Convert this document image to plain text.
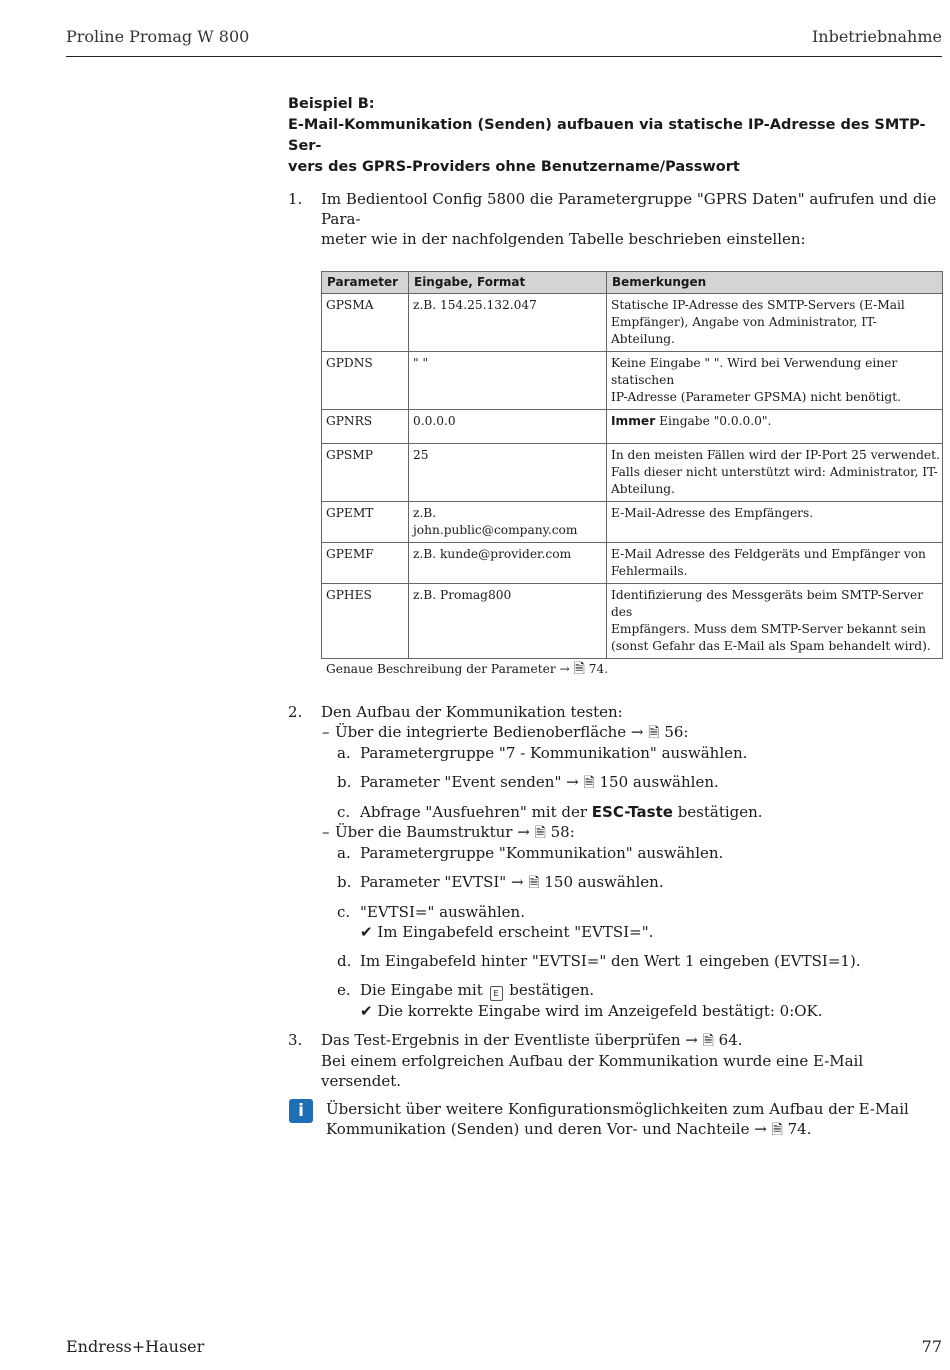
Proline Promag W 800	Inbetriebnahme

Beispiel B:
E-Mail-Kommunikation (Senden) aufbauen via statische IP-Adresse des SMTP-Ser-
vers des GPRS-Providers ohne Benutzername/Passwort

1. Im Bedientool Config 5800 die Parametergruppe "GPRS Daten" aufrufen und die Para-
meter wie in der nachfolgenden Tabelle beschrieben einstellen:
Parameter	Eingabe, Format	Bemerkungen
GPSMA	z.B. 154.25.132.047	Statische IP-Adresse des SMTP-Servers (E-Mail
Empfänger), Angabe von Administrator, IT-Abteilung.
GPDNS	" "	Keine Eingabe " ". Wird bei Verwendung einer statischen
IP-Adresse (Parameter GPSMA) nicht benötigt.
GPNRS	0.0.0.0	Immer Eingabe "0.0.0.0".
GPSMP	25	In den meisten Fällen wird der IP-Port 25 verwendet.
Falls dieser nicht unterstützt wird: Administrator, IT-
Abteilung.
GPEMT	z.B. john.public@company.com	E-Mail-Adresse des Empfängers.
GPEMF	z.B. kunde@provider.com	E-Mail Adresse des Feldgeräts und Empfänger von
Fehlermails.
GPHES	z.B. Promag800	Identifizierung des Messgeräts beim SMTP-Server des
Empfängers. Muss dem SMTP-Server bekannt sein
(sonst Gefahr das E-Mail als Spam behandelt wird).
Genaue Beschreibung der Parameter → 🗎 74.
2. Den Aufbau der Kommunikation testen:
– Über die integrierte Bedienoberfläche → 🗎 56:
a. Parametergruppe "7 - Kommunikation" auswählen.
b. Parameter "Event senden" → 🗎 150 auswählen.
c. Abfrage "Ausfuehren" mit der ESC-Taste bestätigen.
– Über die Baumstruktur → 🗎 58:
a. Parametergruppe "Kommunikation" auswählen.
b. Parameter "EVTSI" → 🗎 150 auswählen.
c. "EVTSI=" auswählen.
✔ Im Eingabefeld erscheint "EVTSI=".
d. Im Eingabefeld hinter "EVTSI=" den Wert 1 eingeben (EVTSI=1).
e. Die Eingabe mit E bestätigen.
✔ Die korrekte Eingabe wird im Anzeigefeld bestätigt: 0:OK.
3. Das Test-Ergebnis in der Eventliste überprüfen → 🗎 64.
Bei einem erfolgreichen Aufbau der Kommunikation wurde eine E-Mail versendet.
i	Übersicht über weitere Konfigurationsmöglichkeiten zum Aufbau der E-Mail
Kommunikation (Senden) und deren Vor- und Nachteile → 🗎 74.
Endress+Hauser	77
